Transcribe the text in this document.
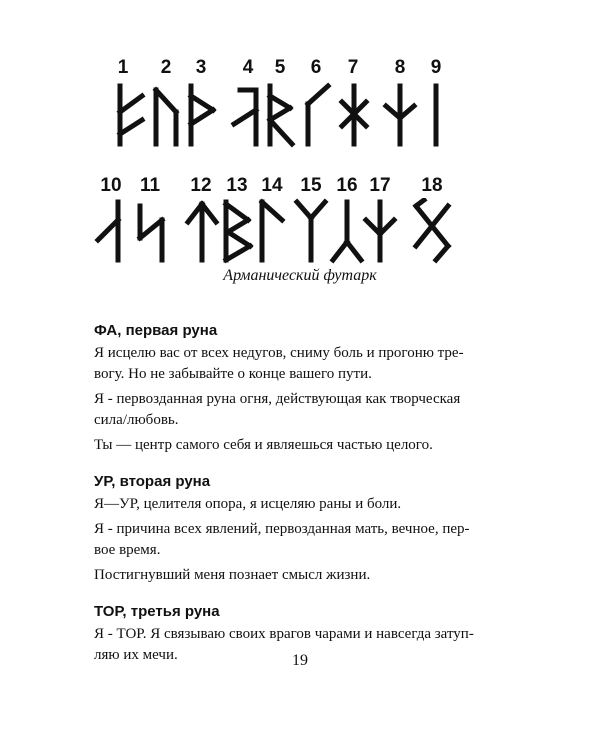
1 2 3 4 5 6 7 8 9
10 11 12 13 14 15 16 17 18
Арманический футарк
ФА, первая руна

Я исцелю вас от всех недугов, сниму боль и прогоню тре-
вогу. Но не забывайте о конце вашего пути.

Я - первозданная руна огня, действующая как творческая
сила/любовь.

Ты — центр самого себя и являешься частью целого.

УР, вторая руна

Я—УР, целителя опора, я исцеляю раны и боли.

Я - причина всех явлений, первозданная мать, вечное, пер-
вое время.

Постигнувший меня познает смысл жизни.

ТОР, третья руна

Я - ТОР. Я связываю своих врагов чарами и навсегда затуп-
ляю их мечи.	19
